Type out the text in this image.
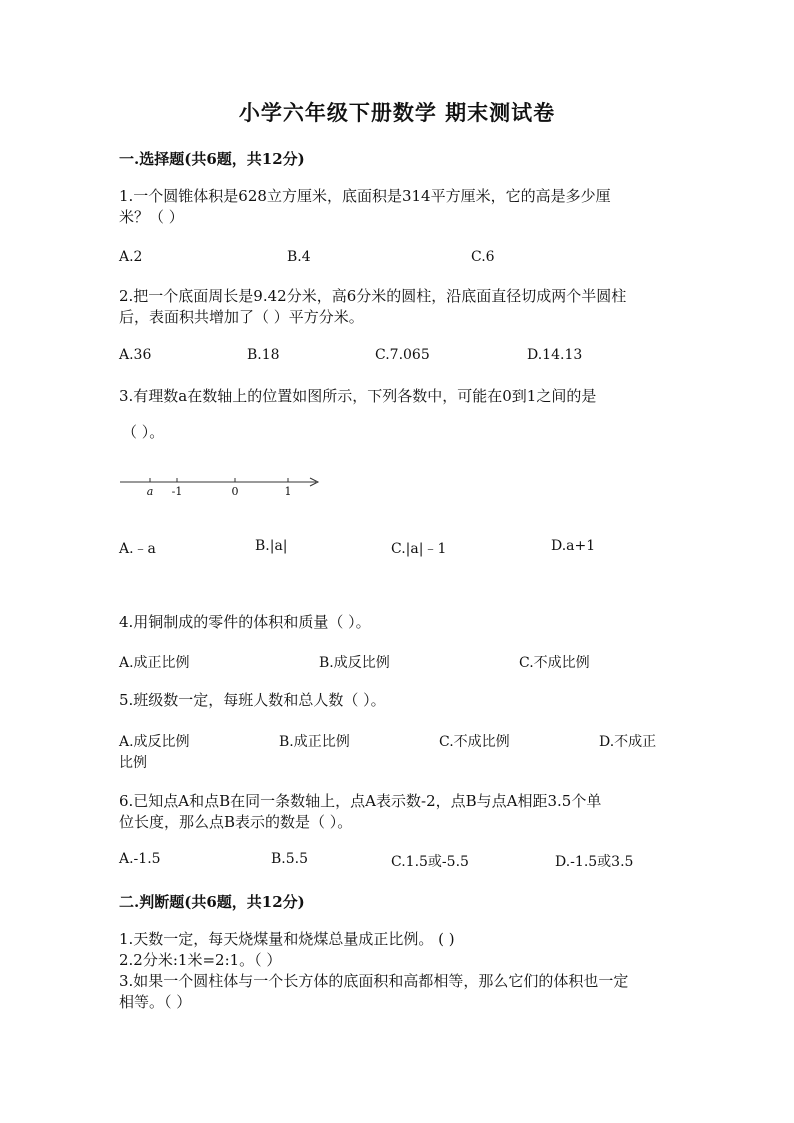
小学六年级下册数学 期末测试卷
一.选择题(共6题，共12分)
1.一个圆锥体积是628立方厘米，底面积是314平方厘米，它的高是多少厘
米？（ ）
A.2	B.4	C.6
2.把一个底面周长是9.42分米，高6分米的圆柱，沿底面直径切成两个半圆柱
后，表面积共增加了（ ）平方分米。
A.36	B.18	C.7.065	D.14.13
3.有理数a在数轴上的位置如图所示，下列各数中，可能在0到1之间的是
（ ）。
a -1	0	1
A.﹣a	B.|a|	C.|a|﹣1	D.a+1
4.用铜制成的零件的体积和质量（ ）。
A.成正比例	B.成反比例	C.不成比例
5.班级数一定，每班人数和总人数（ ）。
A.成反比例	B.成正比例	C.不成比例	D.不成正
比例
6.已知点A和点B在同一条数轴上，点A表示数-2，点B与点A相距3.5个单
位长度，那么点B表示的数是（ ）。
A.-1.5	B.5.5	C.1.5或-5.5	D.-1.5或3.5
二.判断题(共6题，共12分)
1.天数一定，每天烧煤量和烧煤总量成正比例。 ( )
2.2分米:1米=2:1。（ ）
3.如果一个圆柱体与一个长方体的底面积和高都相等，那么它们的体积也一定
相等。（ ）
